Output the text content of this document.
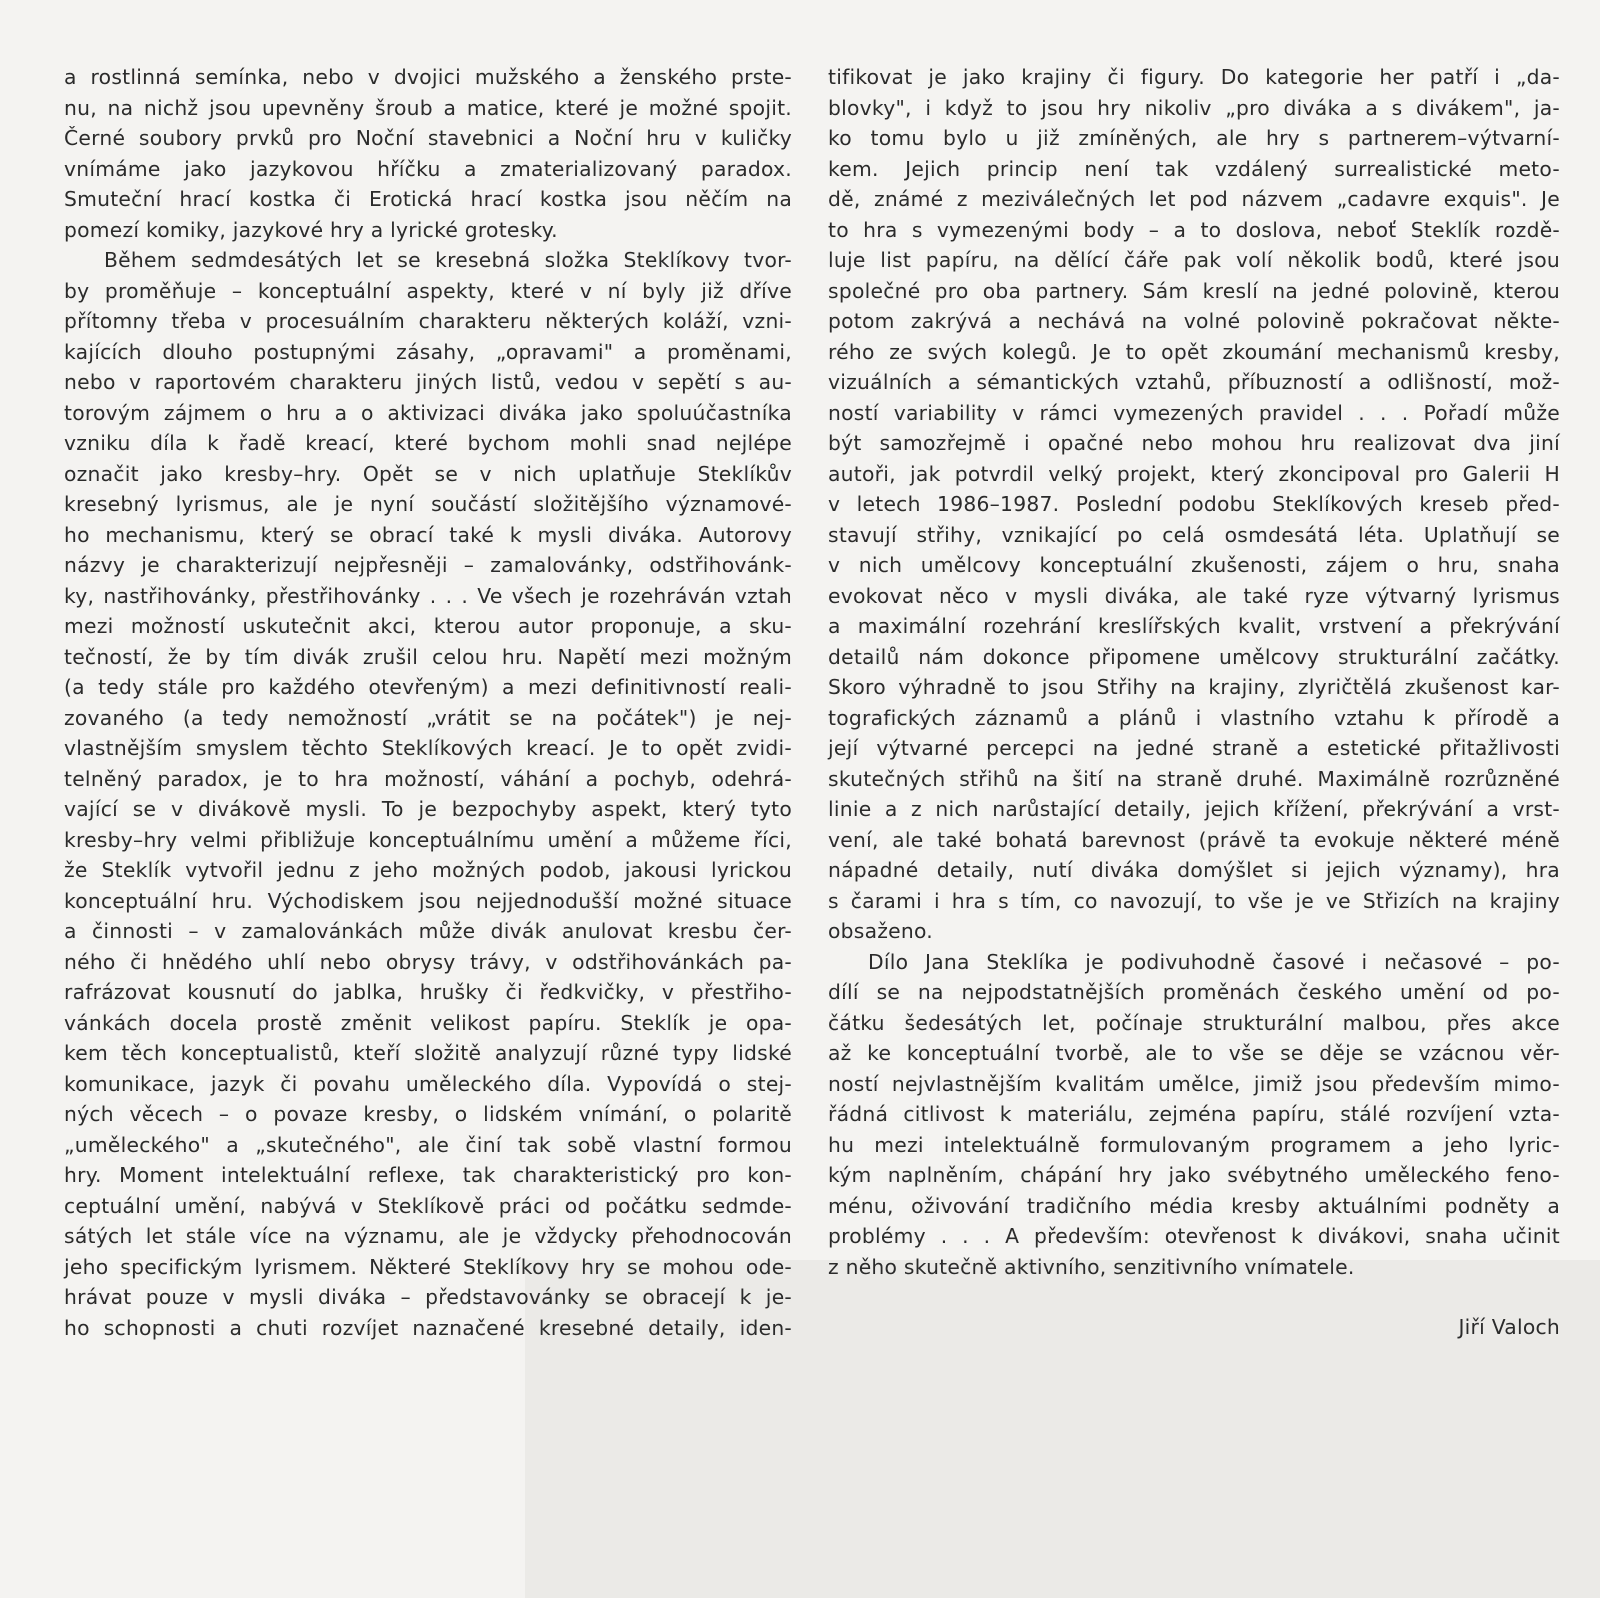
a rostlinná semínka, nebo v dvojici mužského a ženského prste-
nu, na nichž jsou upevněny šroub a matice, které je možné spojit.
Černé soubory prvků pro Noční stavebnici a Noční hru v kuličky
vnímáme jako jazykovou hříčku a zmaterializovaný paradox.
Smuteční hrací kostka či Erotická hrací kostka jsou něčím na
pomezí komiky, jazykové hry a lyrické grotesky.

Během sedmdesátých let se kresebná složka Steklíkovy tvor-
by proměňuje – konceptuální aspekty, které v ní byly již dříve
přítomny třeba v procesuálním charakteru některých koláží, vzni-
kajících dlouho postupnými zásahy, „opravami" a proměnami,
nebo v raportovém charakteru jiných listů, vedou v sepětí s au-
torovým zájmem o hru a o aktivizaci diváka jako spoluúčastníka
vzniku díla k řadě kreací, které bychom mohli snad nejlépe
označit jako kresby–hry. Opět se v nich uplatňuje Steklíkův
kresebný lyrismus, ale je nyní součástí složitějšího významové-
ho mechanismu, který se obrací také k mysli diváka. Autorovy
názvy je charakterizují nejpřesněji – zamalovánky, odstřihovánk-
ky, nastřihovánky, přestřihovánky . . . Ve všech je rozehráván vztah
mezi možností uskutečnit akci, kterou autor proponuje, a sku-
tečností, že by tím divák zrušil celou hru. Napětí mezi možným
(a tedy stále pro každého otevřeným) a mezi definitivností reali-
zovaného (a tedy nemožností „vrátit se na počátek") je nej-
vlastnějším smyslem těchto Steklíkových kreací. Je to opět zvidi-
telněný paradox, je to hra možností, váhání a pochyb, odehrá-
vající se v divákově mysli. To je bezpochyby aspekt, který tyto
kresby–hry velmi přibližuje konceptuálnímu umění a můžeme říci,
že Steklík vytvořil jednu z jeho možných podob, jakousi lyrickou
konceptuální hru. Východiskem jsou nejjednodušší možné situace
a činnosti – v zamalovánkách může divák anulovat kresbu čer-
ného či hnědého uhlí nebo obrysy trávy, v odstřihovánkách pa-
rafrázovat kousnutí do jablka, hrušky či ředkvičky, v přestřiho-
vánkách docela prostě změnit velikost papíru. Steklík je opa-
kem těch konceptualistů, kteří složitě analyzují různé typy lidské
komunikace, jazyk či povahu uměleckého díla. Vypovídá o stej-
ných věcech – o povaze kresby, o lidském vnímání, o polaritě
„uměleckého" a „skutečného", ale činí tak sobě vlastní formou
hry. Moment intelektuální reflexe, tak charakteristický pro kon-
ceptuální umění, nabývá v Steklíkově práci od počátku sedmde-
sátých let stále více na významu, ale je vždycky přehodnocován
jeho specifickým lyrismem. Některé Steklíkovy hry se mohou ode-
hrávat pouze v mysli diváka – představovánky se obracejí k je-
ho schopnosti a chuti rozvíjet naznačené kresebné detaily, iden-

tifikovat je jako krajiny či figury. Do kategorie her patří i „da-
blovky", i když to jsou hry nikoliv „pro diváka a s divákem", ja-
ko tomu bylo u již zmíněných, ale hry s partnerem–výtvarní-
kem. Jejich princip není tak vzdálený surrealistické meto-
dě, známé z meziválečných let pod názvem „cadavre exquis". Je
to hra s vymezenými body – a to doslova, neboť Steklík rozdě-
luje list papíru, na dělící čáře pak volí několik bodů, které jsou
společné pro oba partnery. Sám kreslí na jedné polovině, kterou
potom zakrývá a nechává na volné polovině pokračovat někte-
rého ze svých kolegů. Je to opět zkoumání mechanismů kresby,
vizuálních a sémantických vztahů, příbuzností a odlišností, mož-
ností variability v rámci vymezených pravidel . . . Pořadí může
být samozřejmě i opačné nebo mohou hru realizovat dva jiní
autoři, jak potvrdil velký projekt, který zkoncipoval pro Galerii H
v letech 1986–1987. Poslední podobu Steklíkových kreseb před-
stavují střihy, vznikající po celá osmdesátá léta. Uplatňují se
v nich umělcovy konceptuální zkušenosti, zájem o hru, snaha
evokovat něco v mysli diváka, ale také ryze výtvarný lyrismus
a maximální rozehrání kreslířských kvalit, vrstvení a překrývání
detailů nám dokonce připomene umělcovy strukturální začátky.
Skoro výhradně to jsou Střihy na krajiny, zlyričtělá zkušenost kar-
tografických záznamů a plánů i vlastního vztahu k přírodě a
její výtvarné percepci na jedné straně a estetické přitažlivosti
skutečných střihů na šití na straně druhé. Maximálně rozrůzněné
linie a z nich narůstající detaily, jejich křížení, překrývání a vrst-
vení, ale také bohatá barevnost (právě ta evokuje některé méně
nápadné detaily, nutí diváka domýšlet si jejich významy), hra
s čarami i hra s tím, co navozují, to vše je ve Střizích na krajiny
obsaženo.

Dílo Jana Steklíka je podivuhodně časové i nečasové – po-
dílí se na nejpodstatnějších proměnách českého umění od po-
čátku šedesátých let, počínaje strukturální malbou, přes akce
až ke konceptuální tvorbě, ale to vše se děje se vzácnou věr-
ností nejvlastnějším kvalitám umělce, jimiž jsou především mimo-
řádná citlivost k materiálu, zejména papíru, stálé rozvíjení vzta-
hu mezi intelektuálně formulovaným programem a jeho lyric-
kým naplněním, chápání hry jako svébytného uměleckého feno-
ménu, oživování tradičního média kresby aktuálními podněty a
problémy . . . A především: otevřenost k divákovi, snaha učinit
z něho skutečně aktivního, senzitivního vnímatele.

Jiří Valoch
